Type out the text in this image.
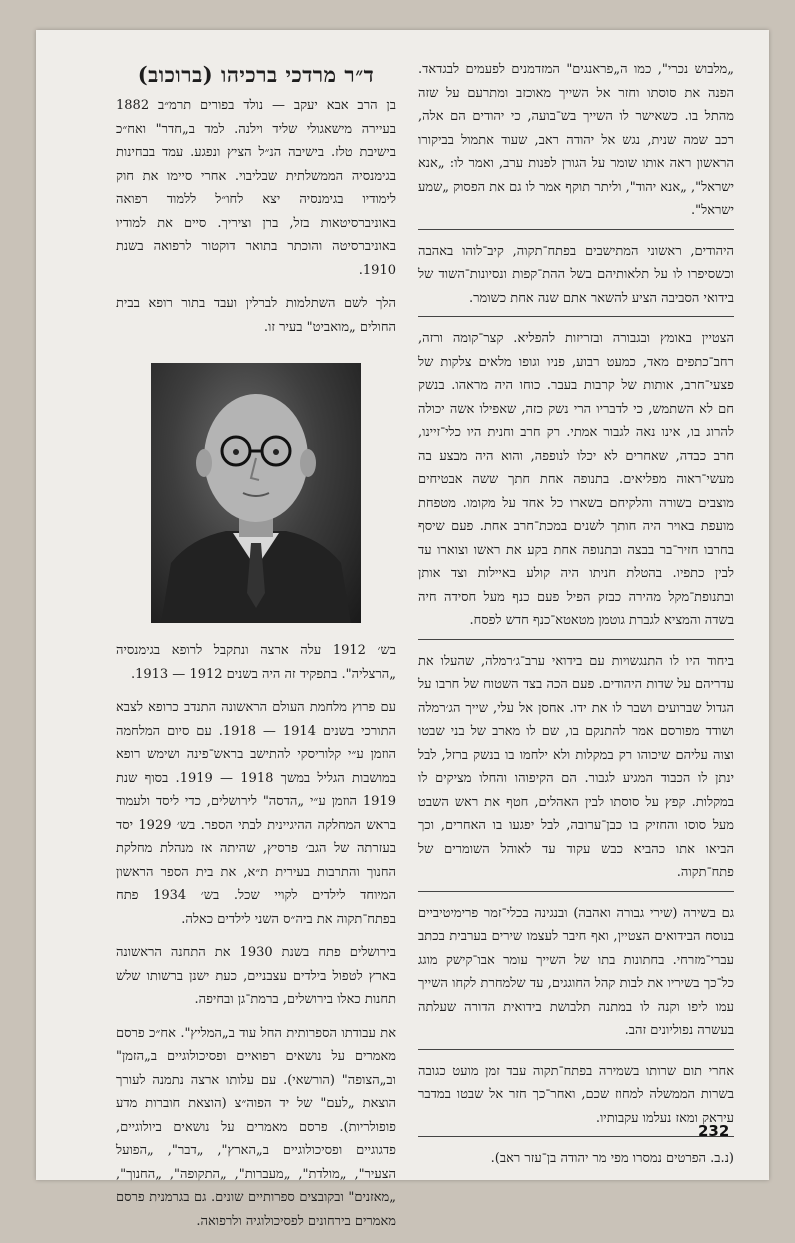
„מלבוש נכרי", כמו ה„פראנגים" המזדמנים לפעמים לבגדאד. הפנה את סוסתו וחזר אל השייך מאוכזב ומתרעם על שזה מהתל בו. כשאישר לו השייך בש־בועה, כי יהודים הם אלה, רכב שמה שנית, נגש אל יהודה ראב, שעוד אתמול בביקורו הראשון ראה אותו שומר על הגורן לפנות ערב, ואמר לו: „אנא ישראל", „אנא יהוד", וליתר תוקף אמר לו גם את הפסוק „שמע ישראל".

היהודים, ראשוני המתישבים בפתח־תקוה, קיב־לוהו באהבה וכשסיפרו לו על תלאותיהם בשל ההת־קפות ונסיונות־השוד של בידואי הסביבה הציע להשאר אתם שנה אחת כשומר.

הצטיין באומץ ובגבורה ובזריזות להפליא. קצר־קומה ורזה, רחב־כתפים מאד, כמעט רבוע, פניו וגופו מלאים צלקות של פצעי־חרב, אותות של קרבות בעבר. כוחו היה מראהו. בנשק חם לא השתמש, כי לדבריו הרי נשק כזה, שאפילו אשה יכולה להרוג בו, אינו נאה לגבור אמתי. רק חרב וחנית היו כלי־זיינו, חרב כבדה, שאחרים לא יכלו לנופפה, והוא היה מבצע בה מעשי־ראוה מפליאים. בתנופה אחת חתך ששה אבטיחים מוצבים בשורה והלקיחם בשארו כל אחד על מקומו. מטפחת מועפת באויר היה חותך לשנים במכת־חרב אחת. פעם שיסף בחרבו חזיר־בר בבצה ובתנופה אחת בקע את ראשו וצוארו עד לבין כתפיו. בהטלת חניתו היה קולע באיילות וצד אותן ובתנופת־מקל מהירה כבזק הפיל פעם כנף מעל חסידה חיה בשדה והמציא לגברת גוטמן מטאטא־כנף חדש לפסח.

ביחוד היו לו התנגשויות עם בידואי ערב־ג׳רמלה, שהעלו את עדריהם על שדות היהודים. פעם הכה בצד השטוח של חרבו על הגדול שברועים ושבר לו את ידו. אחסן אל עלי, שייך הג׳רמלה ושודד מפורסם אמר להתנקם בו, שם לו מארב של בני שבטו וצוה עליהם שיכוהו רק במקלות ולא ילחמו בו בנשק ברזל, לבל ינתן לו הכבוד המגיע לגבור. הם הקיפוהו והחלו מציקים לו במקלות. קפץ על סוסתו לבין האהלים, חטף את ראש השבט מעל סוסו והחזיק בו כבן־ערובה, לבל יפגעו בו האחרים, וכך הביאו אתו כהביא כבש עקוד עד לאוהל השומרים של פתח־תקוה.

גם בשירה (שירי גבורה ואהבה) ובנגינה בכלי־זמר פרימיטיביים בנוסח הבידואים הצטיין, ואף חיבר לעצמו שירים בערבית בכתב עברי־מזרחי. בחתונות בתו של השייך עומר אבו־קישק מוגג כל־כך בשיריו את לבות קהל החוגגים, עד שלמחרת לקחו השייך עמו ליפו וקנה לו במתנה תלבושת בידואית הדורה שעלתה בעשרה נפוליונים זהב.

אחרי תום שרותו בשמירה בפתח־תקוה עבד זמן מועט כגובה בשרות הממשלה למחוז שכם, ואחר־כך חזר אל שבטו במדבר עיראק ומאז נעלמו עקבותיו.

(נ.ב. הפרטים נמסרו מפי מר יהודה בן־עזר ראב).

ד״ר מרדכי ברכיהו (ברוכוב)

בן הרב אבא יעקב — נולד בפורים תרמ״ב 1882 בעיירה מישאגולי שליד וילנה. למד ב„חדר" ואח״כ בישיבת טלז. בישיבה הנ״ל הציץ ונפגע. עמד בבחינות בגימנסיה הממשלתית שבליבוי. אחרי סיימו את חוק לימודיו בגימנסיה יצא לחו״ל ללמוד רפואה באוניברסיטאות בזל, ברן וציריך. סיים את למודיו באוניברסיטה והוכתר בתואר דוקטור לרפואה בשנת 1910.

הלך לשם השתלמות לברלין ועבד בתור רופא בבית החולים „מואביט" בעיר זו.

בש׳ 1912 עלה ארצה ונתקבל לרופא בגימנסיה „הרצליה". בתפקיד זה היה בשנים 1912 — 1913.

עם פרוץ מלחמת העולם הראשונה התנדב כרופא לצבא התורכי בשנים 1914 — 1918. עם סיום המלחמה הוזמן ע״י קלוריסקי להתישב בראש־פינה ושימש רופא במושבות הגליל במשך 1918 — 1919. בסוף שנת 1919 הוזמן ע״י „הדסה" לירושלים, כדי ליסד ולעמוד בראש המחלקה ההיגיינית לבתי הספר. בש׳ 1929 יסד בעזרתה של הגב׳ פרסיץ, שהיתה אז מנהלת מחלקת החנוך והתרבות בעירית ת״א, את בית הספר הראשון המיוחד לילדים לקויי שכל. בש׳ 1934 פתח בפתח־תקוה את ביה״ס השני לילדים כאלה.

בירושלים פתח בשנת 1930 את התחנה הראשונה בארץ לטפול בילדים עצבניים, כעת ישנן ברשותו שלש תחנות כאלו בירושלים, ברמת־גן ובחיפה.

את עבודתו הספרותית החל עוד ב„המליץ". אח״כ פרסם מאמרים על נושאים רפואיים ופסיכולוגיים ב„הזמן" וב„הצופה" (הורשאי). עם עלותו ארצה נתמנה לעורך הוצאת „לעם" של יד הפוה״צ (הוצאת חוברות מדע פופולריות). פרסם מאמרים על נושאים ביולוגיים, פדגוגיים ופסיכולוגיים ב„הארץ", „דבר", „הפועל הצעיר", „מולדת", „מעברות", „התקופה", „החנוך", „מאזנים" ובקובצים ספרותיים שונים. גם בגרמנית פרסם מאמרים בירחונים לפסיכולוגיה ולרפואה.

232
